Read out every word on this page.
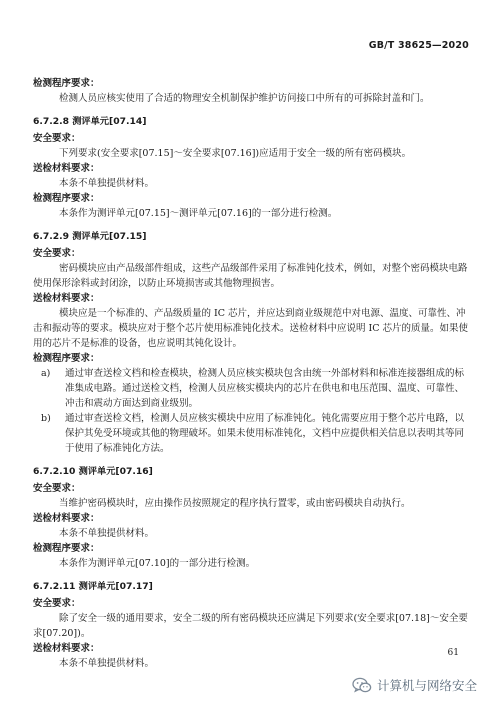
GB/T 38625—2020
检测程序要求：
检测人员应核实使用了合适的物理安全机制保护维护访问接口中所有的可拆除封盖和门。
6.7.2.8 测评单元[07.14]
安全要求：
下列要求(安全要求[07.15]～安全要求[07.16])应适用于安全一级的所有密码模块。
送检材料要求：
本条不单独提供材料。
检测程序要求：
本条作为测评单元[07.15]～测评单元[07.16]的一部分进行检测。
6.7.2.9 测评单元[07.15]
安全要求：
密码模块应由产品级部件组成，这些产品级部件采用了标准钝化技术，例如，对整个密码模块电路使用保形涂料或封闭涂，以防止环境损害或其他物理损害。
送检材料要求：
模块应是一个标准的、产品级质量的 IC 芯片，并应达到商业级规范中对电源、温度、可靠性、冲击和振动等的要求。模块应对于整个芯片使用标准钝化技术。送检材料中应说明 IC 芯片的质量。如果使用的芯片不是标准的设备，也应说明其钝化设计。
检测程序要求：
a) 通过审查送检文档和检查模块，检测人员应核实模块包含由统一外部材料和标准连接器组成的标准集成电路。通过送检文档，检测人员应核实模块内的芯片在供电和电压范围、温度、可靠性、冲击和震动方面达到商业级别。
b) 通过审查送检文档，检测人员应核实模块中应用了标准钝化。钝化需要应用于整个芯片电路，以保护其免受环境或其他的物理破坏。如果未使用标准钝化，文档中应提供相关信息以表明其等同于使用了标准钝化方法。
6.7.2.10 测评单元[07.16]
安全要求：
当维护密码模块时，应由操作员按照规定的程序执行置零，或由密码模块自动执行。
送检材料要求：
本条不单独提供材料。
检测程序要求：
本条作为测评单元[07.10]的一部分进行检测。
6.7.2.11 测评单元[07.17]
安全要求：
除了安全一级的通用要求，安全二级的所有密码模块还应满足下列要求(安全要求[07.18]～安全要求[07.20])。
送检材料要求：
本条不单独提供材料。
61
计算机与网络安全
